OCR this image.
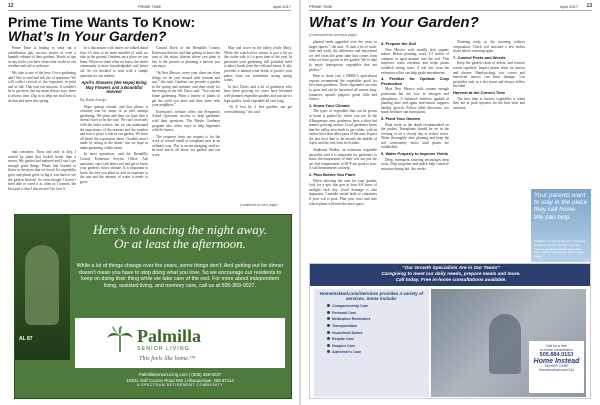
12	PRIME TIME	April 2017
Prime Time Wants To Know:
What’s In Your Garden?

Prime Time is hoping to send out a contribution tips, success stories or even a humble volume of their gardens. Words of tips or any tricks you have from what works in our weather and soil is welcome.

My take is one of the best: I love gardening and I like to read and ask lots of questions. We will collect several of the responses in print and in full. That was our mission. It wouldn’t be to get there, but my mom always says, there is always time. Dig in to help me find how to do that and more this spring.

that consumes. Then, and only in July, I started by plant that looked better than a sunset. My garden had matured and I can’t say enough good things. Plants had learned to thrive in the place that we loved. Its vegetables grew and plants grew so big it was hard to see the garden beyond. So even though I haven’t been able to weed it as often as I wanted, the best part is that I discovered I do love it.

In a discussion with others we talked about how it’s time to be more mindful of what we take in the ground. Gardens are a place we can learn. When we share what we know, the entire community is more knowledgeable and better off. So we decided to start with a simple question for our readers.

April’s Showers (We Hope) Bring May Flowers and a Bountiful Harvest
By Barb Armijo

Hope springs eternal, and that phrase is certainly true for many of us who attempt gardening. We plant and then we hope that it doesn’t have to be the case. We can’t read only with the latest science, but we can understand the importance of the seasons and the weather and how it plays a role in our garden. We have all heard the expression about ‘Gardens aren’t made by sitting in the shade,’ but we hope to make gardening a little easier.

In most operations, said the Bernalillo County Extension Service Office: Ask questions, start with better soil and get to know your garden’s micro climate. It is important to know the area you plant in, and its exposure to the sun and the amount of water it needs to grow.

Contact Davis of the Bernalillo County Extension Service said that getting to know the area of the micro climate where you plant is key to the process in planning a harvest you can enjoy.

“In New Mexico, every year, there are often things we do year around with seasons and sun,” she said. Gardens can provide a garden in the spring and summer, and then ready for harvesting in the fall. Davis said. “You can eat home gardening. Plant a variety of plants to get the yield you need and then share with your neighbors.”

Extension’s website offers the Frequently Asked Questions section to help gardeners with their questions. The Master Gardener program also offers ways to help beginners with the basics.

The response from our request is for the work of several small or compliant uses in an ordinary way. This is an encouraging, read-to-be-read article all about our garden and our work.

May and lower in the valley (early May). While the watch-strict season is just a bit on the cooler side, it’s a great time of the year. In particular your gardening will probably need to take a break from the cold and freeze. It also provides a natural wind break to protect your plants from our sometimes strong spring winds.

In fact, Davis said a lot of gardeners who have been growing for years have bloomed well-planned vegetable gardens and can have a high quality, fresh vegetable all year long.

“At 8 foot by 4 feet gardens can get overwhelming,” she said.

(continued on next page)
AL 87
Here’s to dancing the night away.
Or at least the afternoon.
While a lot of things change over the years, some things don’t. And getting out for dinner doesn’t mean you have to stop doing what you love. So we encourage our residents to keep on doing their thing while we take care of the rest. For more about independent living, assisted living, and memory care, call us at 505-369-0027.
Palmilla
SENIOR LIVING
This feels like home.™
PalmillaSeniorLiving.com | (505) 369-0027
10301 Golf Course Road NW | Albuquerque, NM 87114
A SPECTRUM RETIREMENT COMMUNITY
PRIME TIME	April 2017 13
What’s In Your Garden?
(Continued from previous page)

planted seeds upgraded over the years in larger spaces,” she said. “It took a lot of work, time and work, the difference and enjoyment we feel from the great time that comes from what we have grown in the garden. We’re able to enjoy homegrown vegetables that are perfect.”

Here to share you, a NMSU’s agricultural experts recommend the vegetables good for first-time gardeners. These vegetables are easy to grow and can be harvested all season long: tomatoes, squash, peppers, green chile and lettuce.

1. Know Your Climate

The types of vegetables that can be grown at home is guided by where you are. In the Albuquerque area, gardeners have a short but intense growing season. Local gardeners know that the valley area tends to get colder, with an earlier frost than other parts of the area. Expect the last frost date to be around the middle of April, and the first frost in October.

Stephanie Walker, an extension vegetable specialist said it is important for gardeners to know the temperature of their soil, not just the air. Soil temperatures of 60°F are good to start. A soil thermometer can help.

2. Plan Before You Plant

When selecting the area for your garden, look for a spot that gets at least 6-8 hours of sunlight each day. Good drainage is also important. Consider raised beds or containers if your soil is poor. Plan your rows and note which plants will need the most space.

3. Prepare the Soil

New Mexico soils usually lack organic matter. Before planting, work 2-3 inches of compost or aged manure into the soil. This improves water retention and helps plants establish strong roots. A soil test from the extension office can help guide amendments.

4. Fertilize for Optimal Crop Production

Most New Mexico soils contain enough potassium but are low in nitrogen and phosphorus. A balanced fertilizer applied at planting time and again mid-season supports healthy growth. Follow label directions; too much fertilizer can burn plants.

5. Plant Your Garden

Plant seeds at the depth recommended on the packet. Transplants should be set in the evening or on a cloudy day to reduce stress. Water thoroughly after planting and keep the soil consistently moist until plants are established.

6. Water Properly to Improve Yields

Deep, infrequent watering encourages deep roots. Drip irrigation and mulch help conserve moisture during hot, dry weeks.

Watering early in the morning reduces evaporation. Check soil moisture a few inches down before watering again.

7. Control Pests and Weeds

Keep the garden clean of debris, and remove weeds regularly. Inspect plants often for insects and disease. Hand-picking, row covers and beneficial insects can limit damage. Use pesticides only as a last resort and always follow the label.

Harvest at the Correct Time

The best time to harvest vegetables is when they are at peak ripeness for the best taste and nutrition.

Your parents want to stay in the place they call home. We can help.
Whether you are looking for someone to help on going, person, or a few hours a week for routine and extra care, call Home Instead Senior Care today.
“Our Growth Specialists Are in Our Team!”
Caregiving to meet our daily needs, prepare meals and more.
Call today. Free in-home consultations available.
HomeInstead.com/Services provides a variety of services. Some include:
Companionship Care
Personal Care
Medication Reminders
Transportation
Household Duties
Respite Care
Hospice Care
Alzheimer’s Care
Call for a free
in-home consultation
505.884.0153
Home Instead
SENIOR CARE
HomeInstead.com/144
